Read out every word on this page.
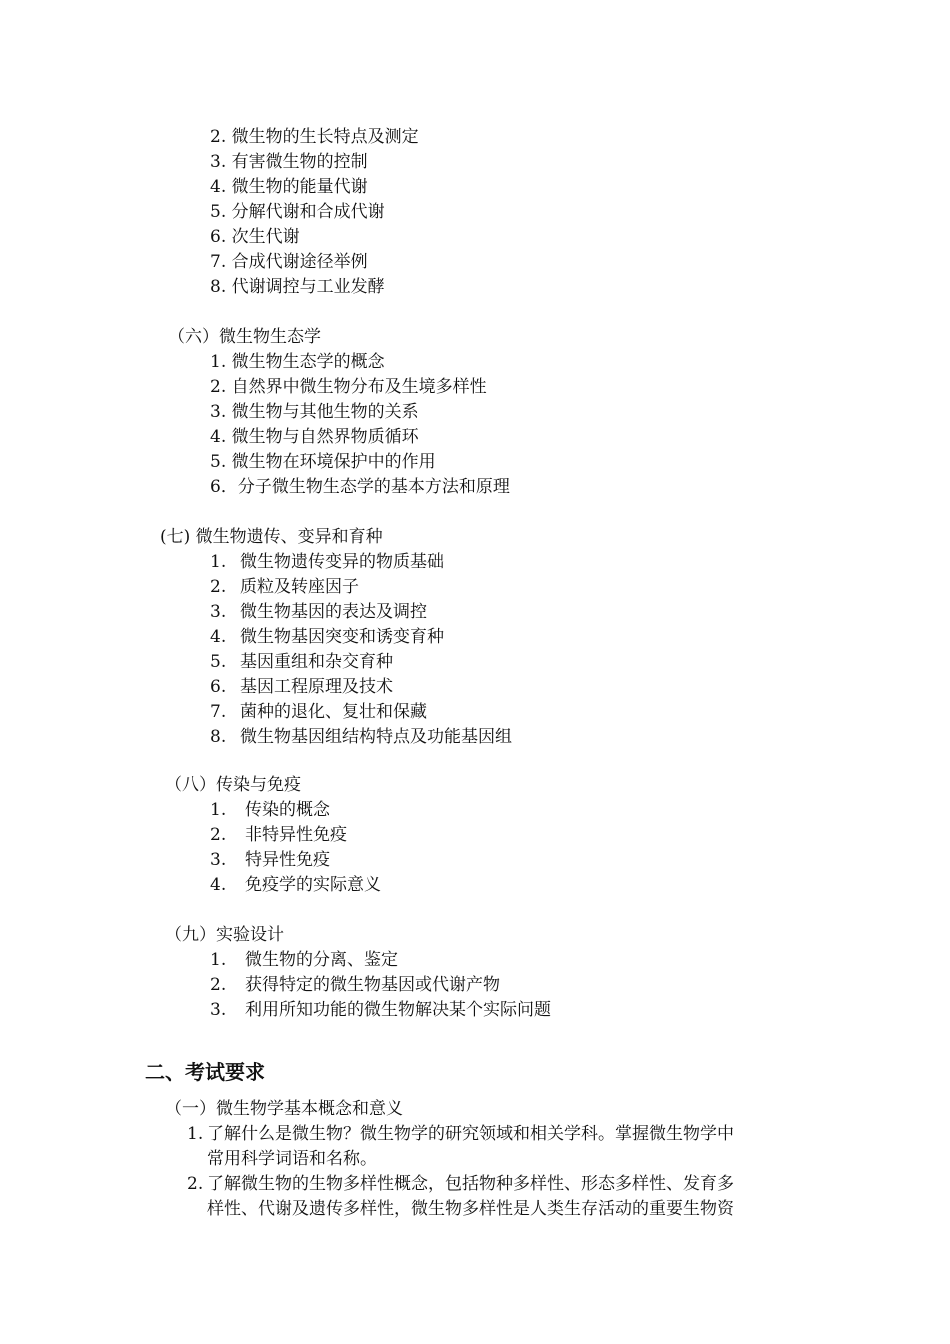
2. 微生物的生长特点及测定
3. 有害微生物的控制
4. 微生物的能量代谢
5. 分解代谢和合成代谢
6. 次生代谢
7. 合成代谢途径举例
8. 代谢调控与工业发酵
（六）微生物生态学
1. 微生物生态学的概念
2. 自然界中微生物分布及生境多样性
3. 微生物与其他生物的关系
4. 微生物与自然界物质循环
5. 微生物在环境保护中的作用
6．分子微生物生态学的基本方法和原理
(七) 微生物遗传、变异和育种
1. 微生物遗传变异的物质基础
2. 质粒及转座因子
3. 微生物基因的表达及调控
4. 微生物基因突变和诱变育种
5. 基因重组和杂交育种
6. 基因工程原理及技术
7. 菌种的退化、复壮和保藏
8. 微生物基因组结构特点及功能基因组
（八）传染与免疫
1. 传染的概念
2. 非特异性免疫
3. 特异性免疫
4. 免疫学的实际意义
（九）实验设计
1. 微生物的分离、鉴定
2. 获得特定的微生物基因或代谢产物
3. 利用所知功能的微生物解决某个实际问题
二、考试要求
（一）微生物学基本概念和意义
1. 了解什么是微生物？微生物学的研究领域和相关学科。掌握微生物学中
常用科学词语和名称。
2. 了解微生物的生物多样性概念，包括物种多样性、形态多样性、发育多
样性、代谢及遗传多样性，微生物多样性是人类生存活动的重要生物资
